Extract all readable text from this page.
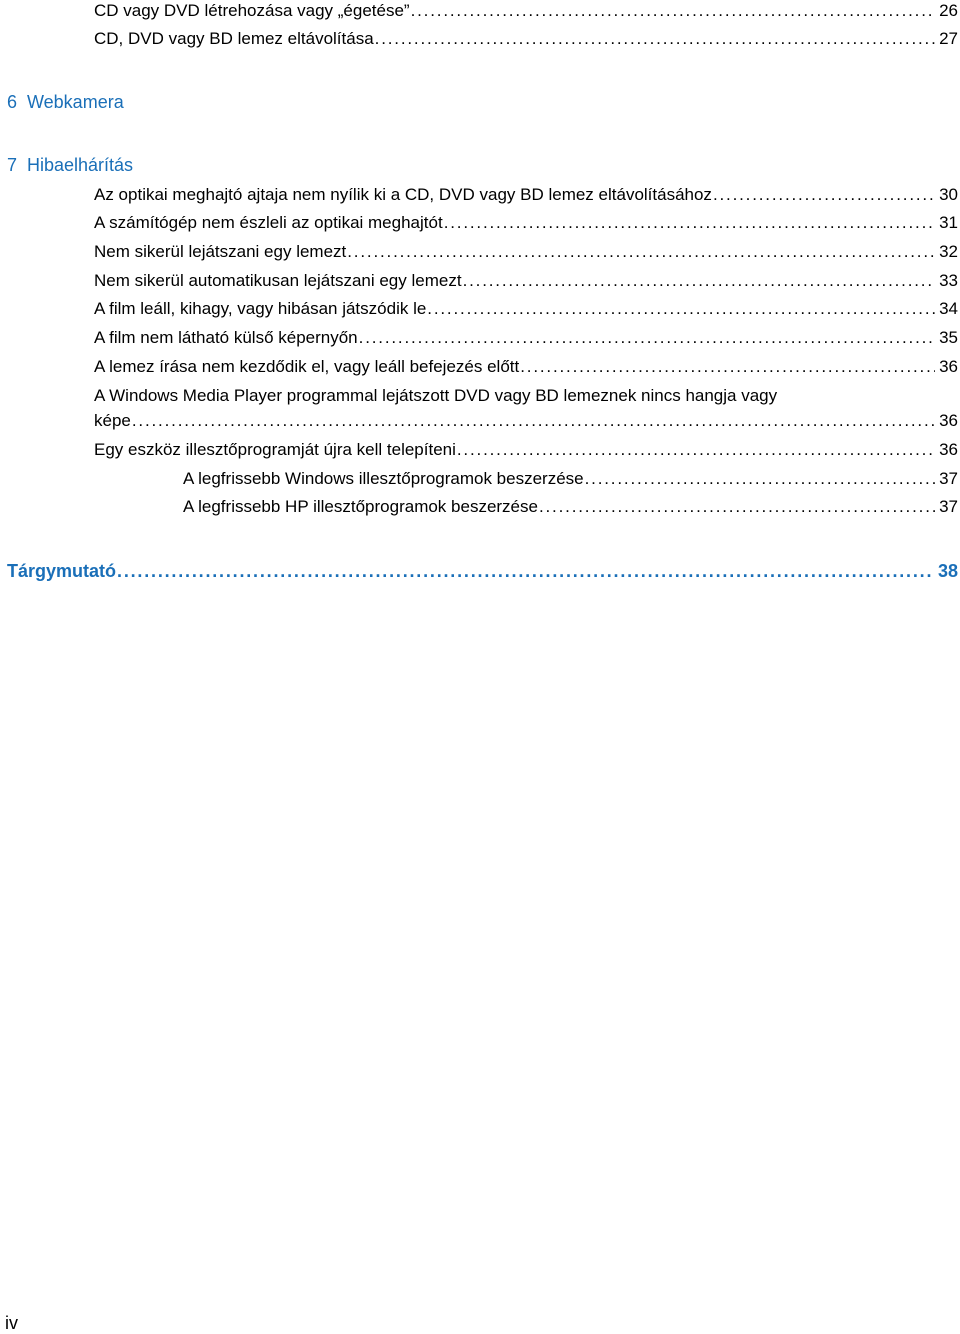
CD vagy DVD létrehozása vagy „égetése” . . .	26
CD, DVD vagy BD lemez eltávolítása . . .	27
6 Webkamera
7 Hibaelhárítás
Az optikai meghajtó ajtaja nem nyílik ki a CD, DVD vagy BD lemez eltávolításához . . .	30
A számítógép nem észleli az optikai meghajtót . . .	31
Nem sikerül lejátszani egy lemezt . . .	32
Nem sikerül automatikusan lejátszani egy lemezt . . .	33
A film leáll, kihagy, vagy hibásan játszódik le . . .	34
A film nem látható külső képernyőn . . .	35
A lemez írása nem kezdődik el, vagy leáll befejezés előtt . . .	36
A Windows Media Player programmal lejátszott DVD vagy BD lemeznek nincs hangja vagy
képe . . .	36
Egy eszköz illesztőprogramját újra kell telepíteni . . .	36
A legfrissebb Windows illesztőprogramok beszerzése . . .	37
A legfrissebb HP illesztőprogramok beszerzése . . .	37
Tárgymutató . . .	38
iv
